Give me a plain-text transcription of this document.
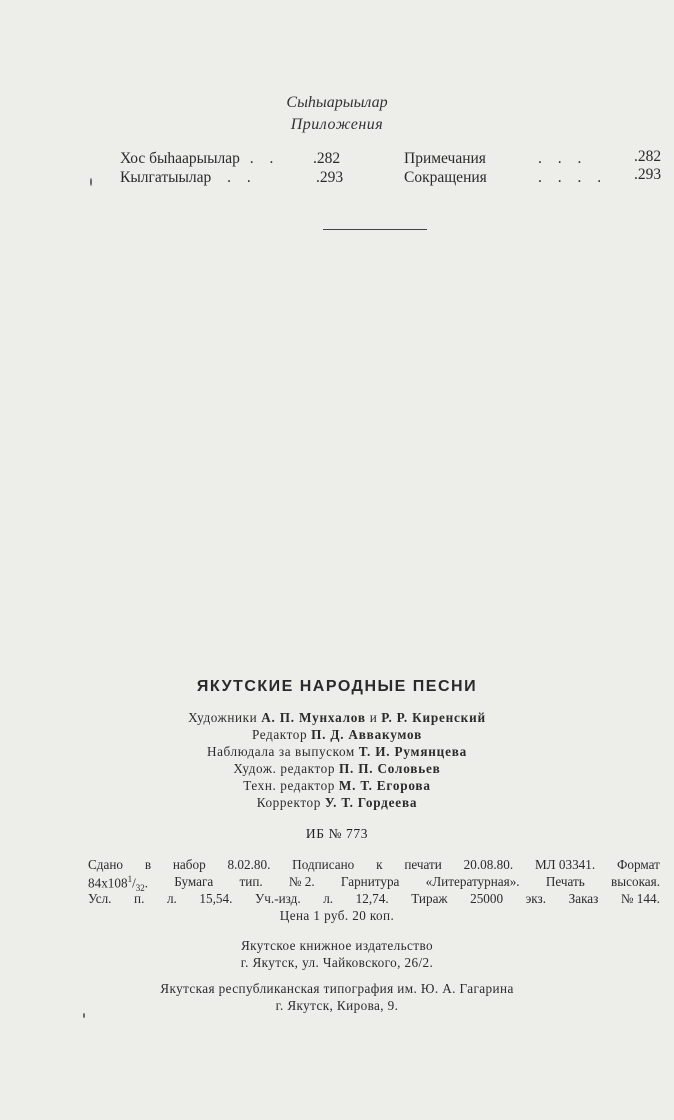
Сыһыарыылар
Приложения
Хос быһаарыылар . . .282	Примечания	. . .	.282
Кылгатыылар . .	.293	Сокращения	. . . . .293
ЯКУТСКИЕ НАРОДНЫЕ ПЕСНИ
Художники А. П. Мунхалов и Р. Р. Киренский
Редактор П. Д. Аввакумов
Наблюдала за выпуском Т. И. Румянцева
Худож. редактор П. П. Соловьев
Техн. редактор М. Т. Егорова
Корректор У. Т. Гордеева
ИБ № 773
Сдано в набор 8.02.80. Подписано к печати 20.08.80. МЛ 03341. Формат
$84x108^1/_{32}$. Бумага тип. № 2. Гарнитура «Литературная». Печать высокая.
Усл. п. л. 15,54. Уч.-изд. л. 12,74. Тираж 25000 экз. Заказ № 144.
Цена 1 руб. 20 коп.
Якутское книжное издательство
г. Якутск, ул. Чайковского, 26/2.
Якутская республиканская типография им. Ю. А. Гагарина
г. Якутск, Кирова, 9.
